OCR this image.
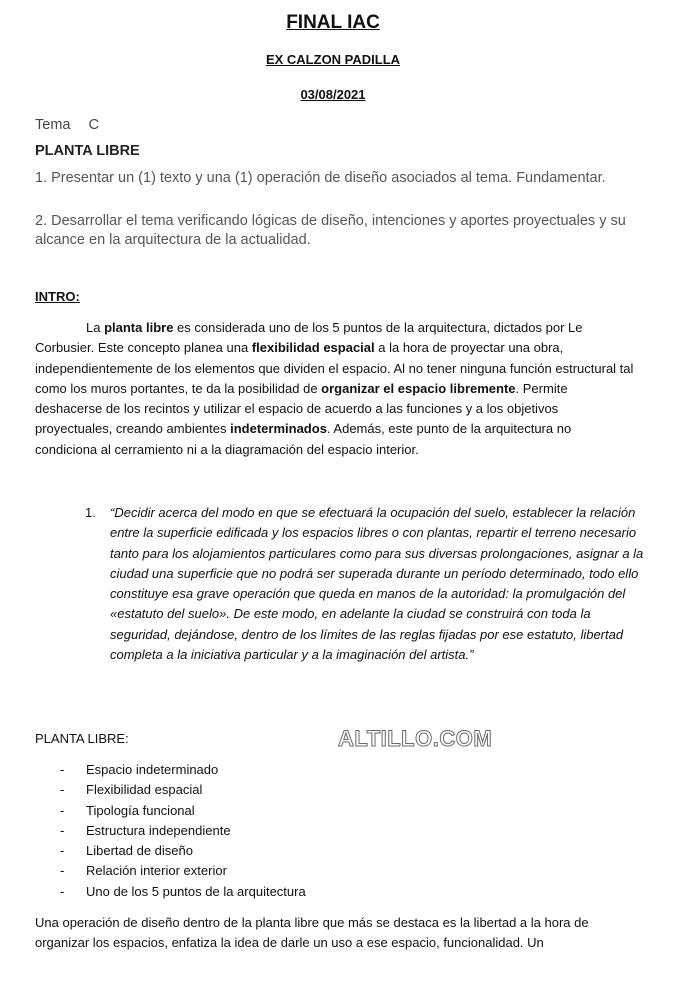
FINAL IAC
EX CALZON PADILLA
03/08/2021
Tema C
PLANTA LIBRE
1. Presentar un (1) texto y una (1) operación de diseño asociados al tema. Fundamentar.
2. Desarrollar el tema verificando lógicas de diseño, intenciones y aportes proyectuales y su alcance en la arquitectura de la actualidad.
INTRO:
La planta libre es considerada uno de los 5 puntos de la arquitectura, dictados por Le Corbusier. Este concepto planea una flexibilidad espacial a la hora de proyectar una obra, independientemente de los elementos que dividen el espacio. Al no tener ninguna función estructural tal como los muros portantes, te da la posibilidad de organizar el espacio libremente. Permite deshacerse de los recintos y utilizar el espacio de acuerdo a las funciones y a los objetivos proyectuales, creando ambientes indeterminados. Además, este punto de la arquitectura no condiciona al cerramiento ni a la diagramación del espacio interior.
1. “Decidir acerca del modo en que se efectuará la ocupación del suelo, establecer la relación entre la superficie edificada y los espacios libres o con plantas, repartir el terreno necesario tanto para los alojamientos particulares como para sus diversas prolongaciones, asignar a la ciudad una superficie que no podrá ser superada durante un período determinado, todo ello constituye esa grave operación que queda en manos de la autoridad: la promulgación del «estatuto del suelo». De este modo, en adelante la ciudad se construirá con toda la seguridad, dejándose, dentro de los límites de las reglas fijadas por ese estatuto, libertad completa a la iniciativa particular y a la imaginación del artista.”
PLANTA LIBRE:	ALTILLO.COM
- Espacio indeterminado
- Flexibilidad espacial
- Tipología funcional
- Estructura independiente
- Libertad de diseño
- Relación interior exterior
- Uno de los 5 puntos de la arquitectura
Una operación de diseño dentro de la planta libre que más se destaca es la libertad a la hora de organizar los espacios, enfatiza la idea de darle un uso a ese espacio, funcionalidad. Un
